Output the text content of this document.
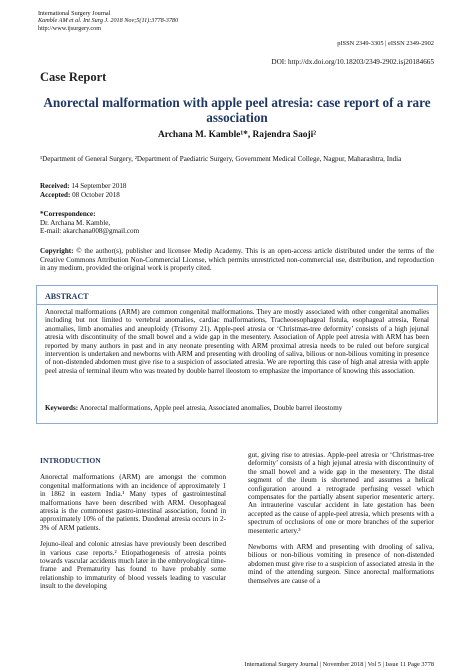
International Surgery Journal
Kamble AM et al. Int Surg J. 2018 Nov;5(11):3778-3780
http://www.ijsurgery.com
pISSN 2349-3305 | eISSN 2349-2902
DOI: http://dx.doi.org/10.18203/2349-2902.isj20184665
Case Report
Anorectal malformation with apple peel atresia: case report of a rare association
Archana M. Kamble¹*, Rajendra Saoji²
¹Department of General Surgery, ²Department of Paediatric Surgery, Government Medical College, Nagpur, Maharashtra, India
Received: 14 September 2018
Accepted: 08 October 2018
*Correspondence:
Dr. Archana M. Kamble,
E-mail: akarchana008@gmail.com
Copyright: © the author(s), publisher and licensee Medip Academy. This is an open-access article distributed under the terms of the Creative Commons Attribution Non-Commercial License, which permits unrestricted non-commercial use, distribution, and reproduction in any medium, provided the original work is properly cited.
ABSTRACT
Anorectal malformations (ARM) are common congenital malformations. They are mostly associated with other congenital anomalies including but not limited to vertebral anomalies, cardiac malformations, Tracheoesophageal fistula, esophageal atresia, Renal anomalies, limb anomalies and aneuploidy (Trisomy 21). Apple-peel atresia or ‘Christmas-tree deformity’ consists of a high jejunal atresia with discontinuity of the small bowel and a wide gap in the mesentery. Association of Apple peel atresia with ARM has been reported by many authors in past and in any neonate presenting with ARM proximal atresia needs to be ruled out before surgical intervention is undertaken and newborns with ARM and presenting with drooling of saliva, bilious or non-bilious vomiting in presence of non-distended abdomen must give rise to a suspicion of associated atresia. We are reporting this case of high anal atresia with apple peel atresia of terminal ileum who was treated by double barrel ileostom to emphasize the importance of knowing this association.
Keywords: Anorectal malformations, Apple peel atresia, Associated anomalies, Double barrel ileostomy
INTRODUCTION

Anorectal malformations (ARM) are amongst the common congenital malformations with an incidence of approximately 1 in 1862 in eastern India.¹ Many types of gastrointestinal malformations have been described with ARM. Oesophageal atresia is the commonest gastro-intestinal association, found in approximately 10% of the patients. Duodenal atresia occurs in 2-3% of ARM patients.

Jejuno-ileal and colonic atresias have previously been described in various case reports.² Etiopathogenesis of atresia points towards vascular accidents much later in the embryological time-frame and Prematurity has found to have probably some relationship to immaturity of blood vessels leading to vascular insult to the developing

gut, giving rise to atresias. Apple-peel atresia or ‘Christmas-tree deformity’ consists of a high jejunal atresia with discontinuity of the small bowel and a wide gap in the mesentery. The distal segment of the ileum is shortened and assumes a helical configuration around a retrograde perfusing vessel which compensates for the partially absent superior mesenteric artery. An intrauterine vascular accident in late gestation has been accepted as the cause of apple-peel atresia, which presents with a spectrum of occlusions of one or more branches of the superior mesenteric artery.³

Newborns with ARM and presenting with drooling of saliva, bilious or non-bilious vomiting in presence of non-distended abdomen must give rise to a suspicion of associated atresia in the mind of the attending surgeon. Since anorectal malformations themselves are cause of a

International Surgery Journal | November 2018 | Vol 5 | Issue 11 Page 3778
